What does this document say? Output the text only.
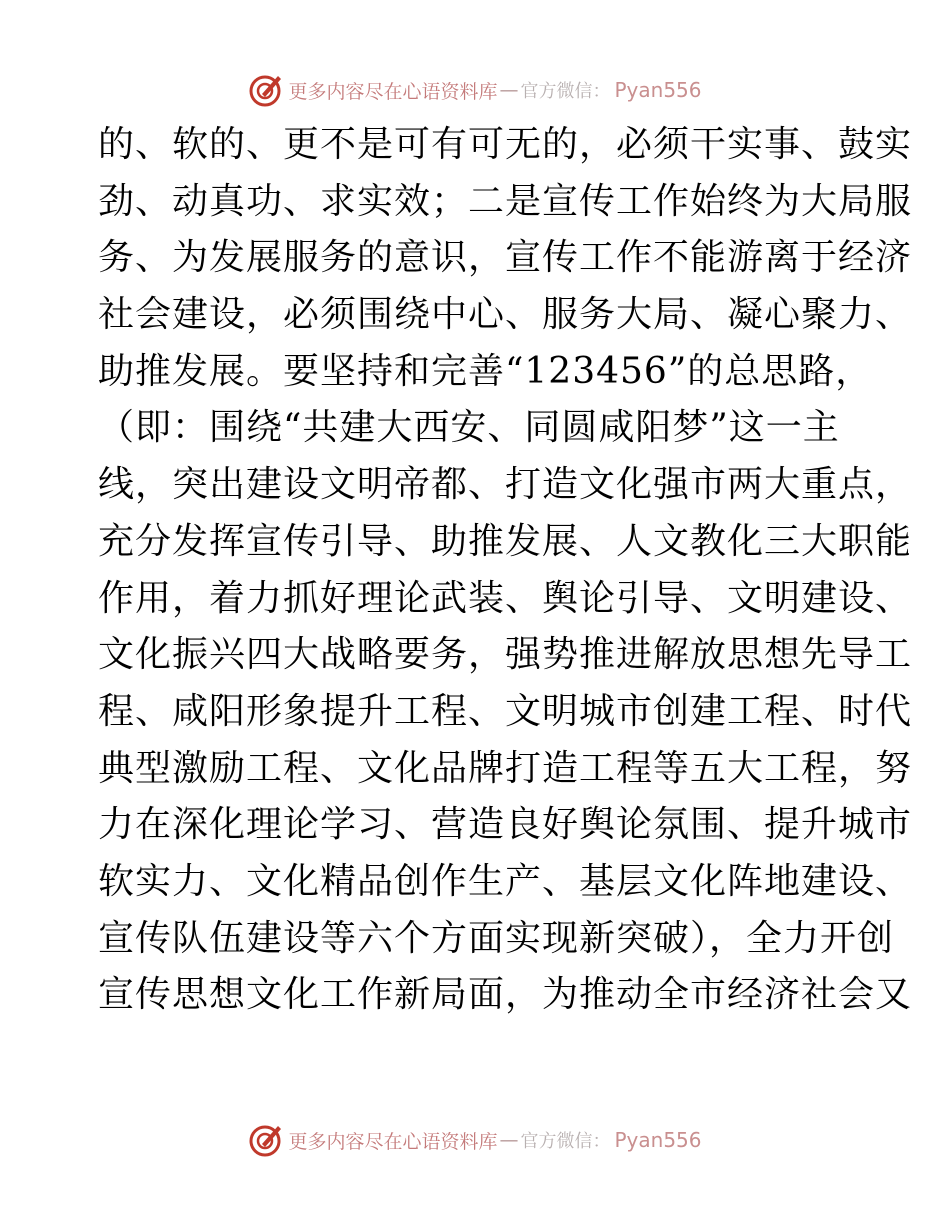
更多内容尽在心语资料库 — 官方微信： Pyan556
的、软的、更不是可有可无的，必须干实事、鼓实
劲、动真功、求实效；二是宣传工作始终为大局服
务、为发展服务的意识，宣传工作不能游离于经济
社会建设，必须围绕中心、服务大局、凝心聚力、
助推发展。要坚持和完善“123456”的总思路，
（即：围绕“共建大西安、同圆咸阳梦”这一主
线，突出建设文明帝都、打造文化强市两大重点，
充分发挥宣传引导、助推发展、人文教化三大职能
作用，着力抓好理论武装、舆论引导、文明建设、
文化振兴四大战略要务，强势推进解放思想先导工
程、咸阳形象提升工程、文明城市创建工程、时代
典型激励工程、文化品牌打造工程等五大工程，努
力在深化理论学习、营造良好舆论氛围、提升城市
软实力、文化精品创作生产、基层文化阵地建设、
宣传队伍建设等六个方面实现新突破），全力开创
宣传思想文化工作新局面，为推动全市经济社会又
更多内容尽在心语资料库 — 官方微信： Pyan556
